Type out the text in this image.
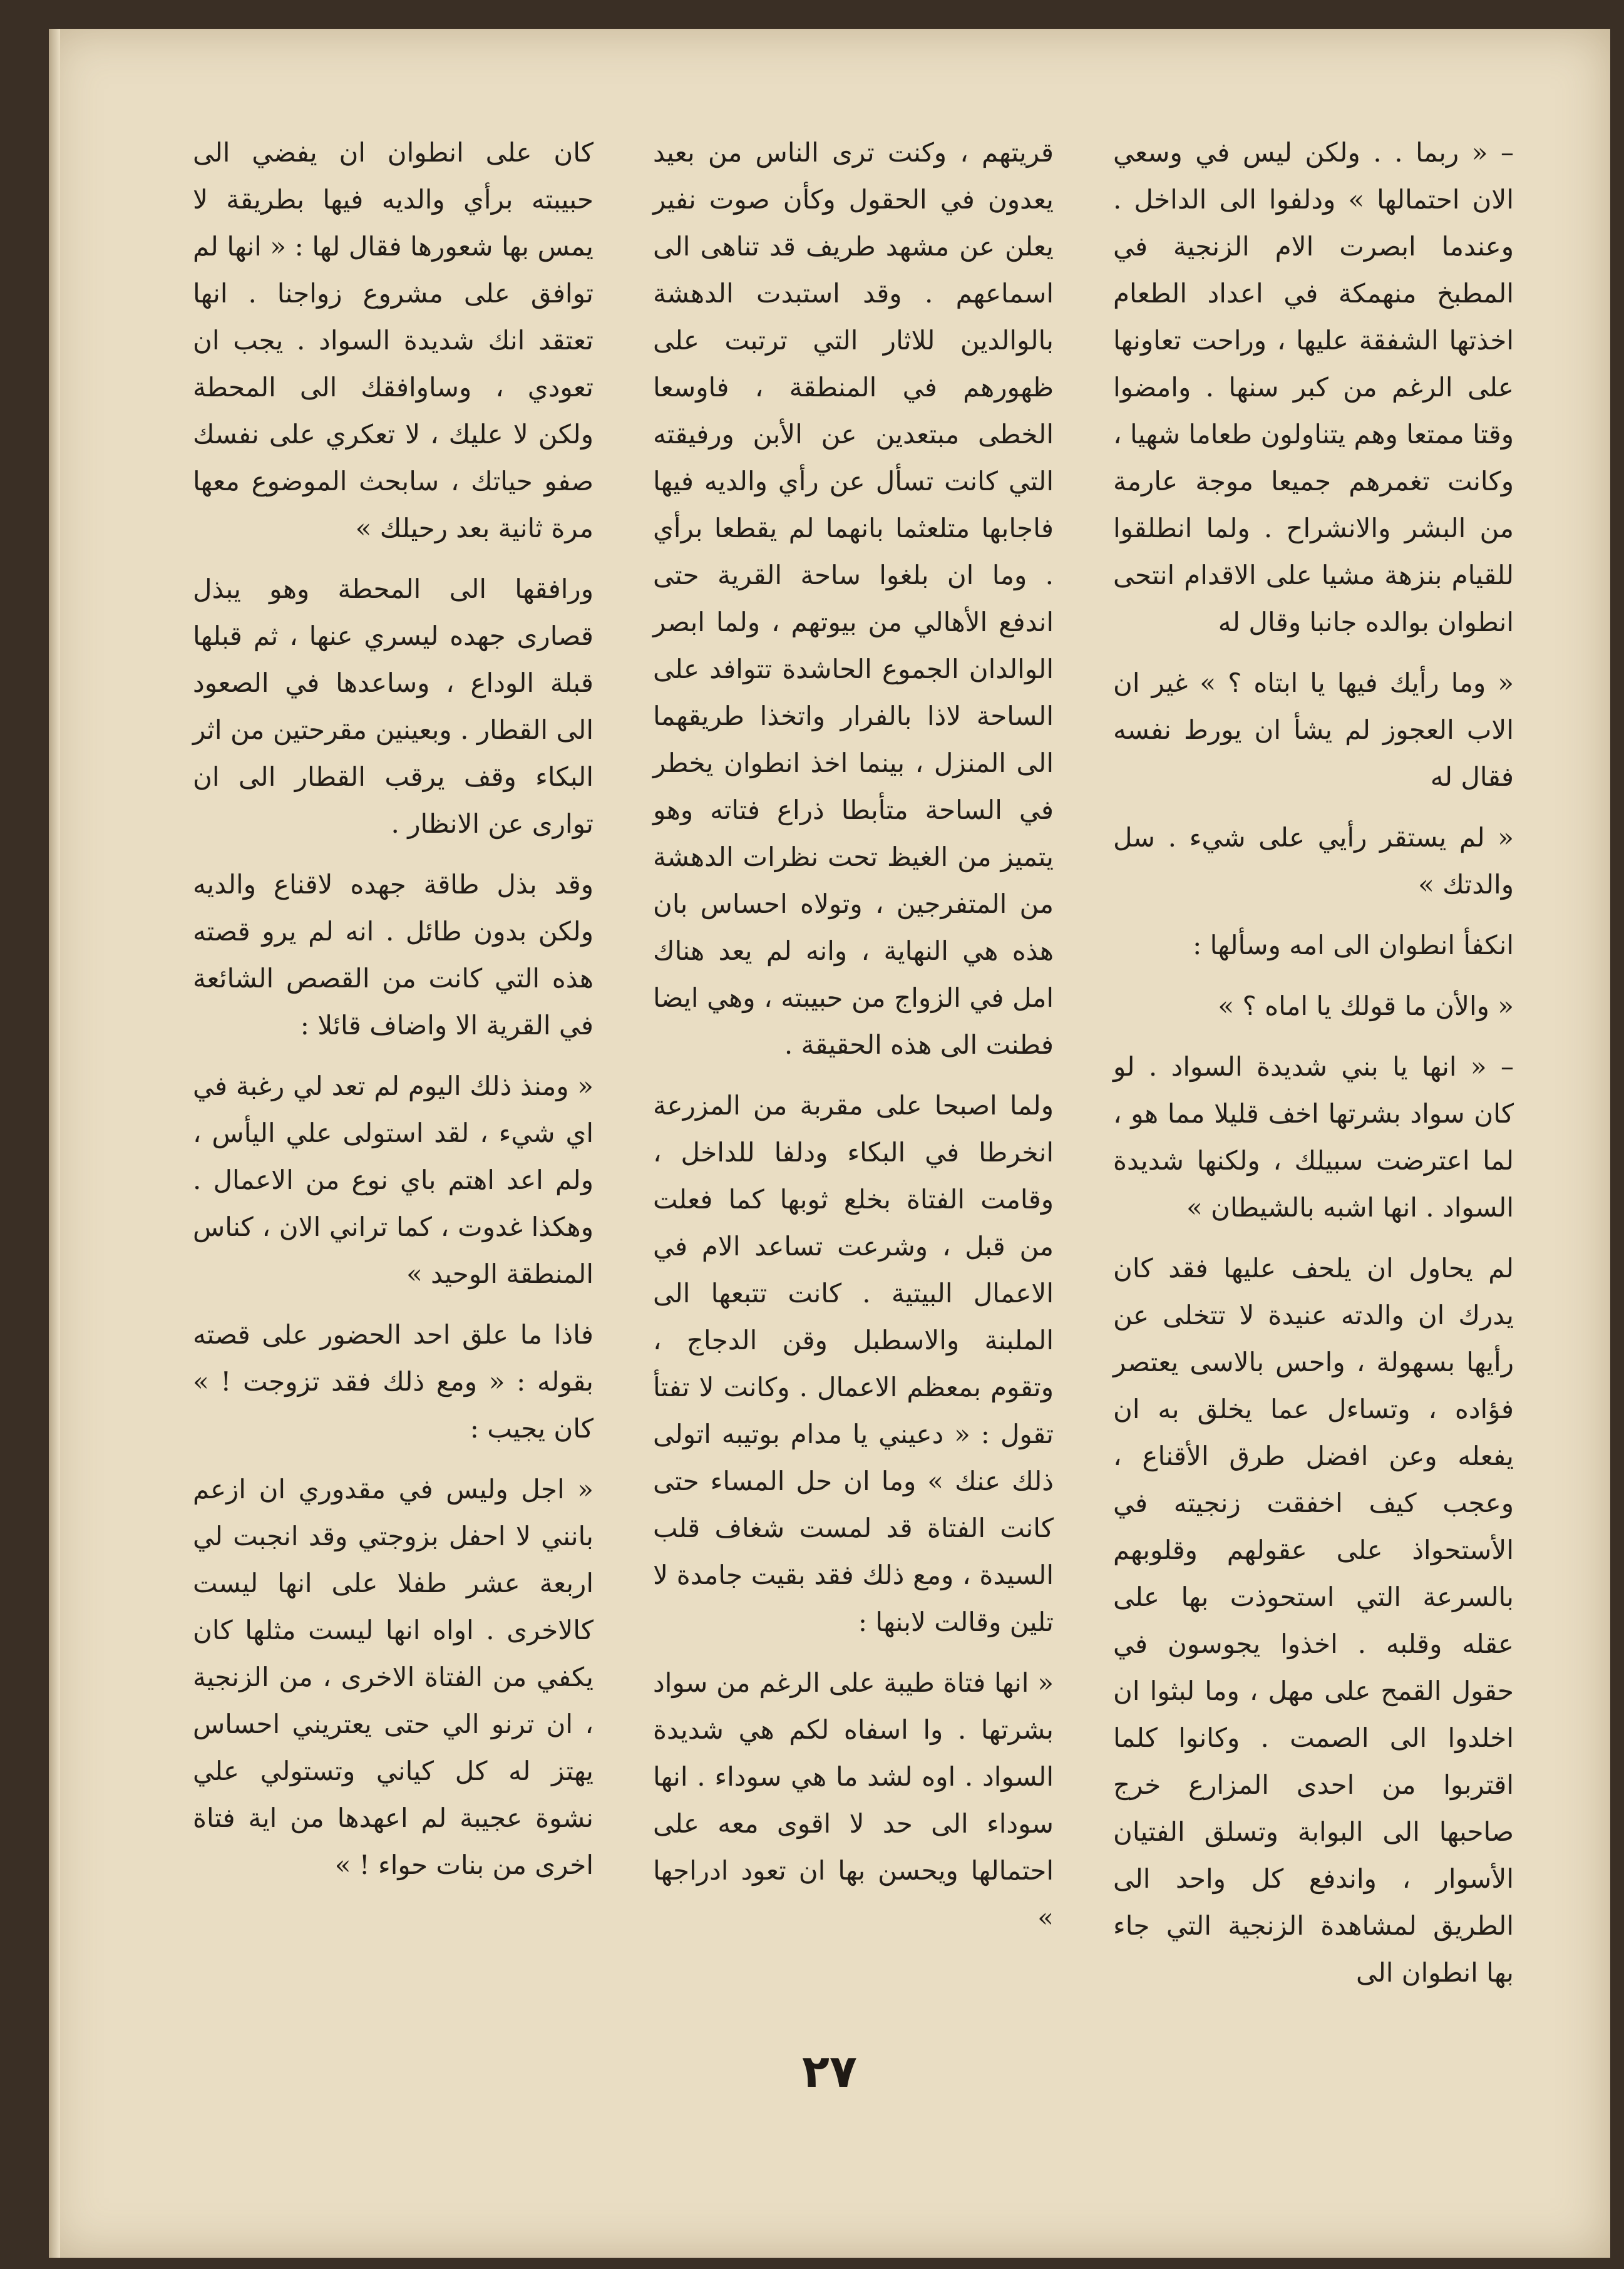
– « ربما . . ولكن ليس في وسعي الان احتمالها » ودلفوا الى الداخل . وعندما ابصرت الام الزنجية في المطبخ منهمكة في اعداد الطعام اخذتها الشفقة عليها ، وراحت تعاونها على الرغم من كبر سنها . وامضوا وقتا ممتعا وهم يتناولون طعاما شهيا ، وكانت تغمرهم جميعا موجة عارمة من البشر والانشراح . ولما انطلقوا للقيام بنزهة مشيا على الاقدام انتحى انطوان بوالده جانبا وقال له

« وما رأيك فيها يا ابتاه ؟ » غير ان الاب العجوز لم يشأ ان يورط نفسه فقال له

« لم يستقر رأيي على شيء . سل والدتك »

انكفأ انطوان الى امه وسألها :

« والأن ما قولك يا اماه ؟ »

– « انها يا بني شديدة السواد . لو كان سواد بشرتها اخف قليلا مما هو ، لما اعترضت سبيلك ، ولكنها شديدة السواد . انها اشبه بالشيطان »

لم يحاول ان يلحف عليها فقد كان يدرك ان والدته عنيدة لا تتخلى عن رأيها بسهولة ، واحس بالاسى يعتصر فؤاده ، وتساءل عما يخلق به ان يفعله وعن افضل طرق الأقناع ، وعجب كيف اخفقت زنجيته في الأستحواذ على عقولهم وقلوبهم بالسرعة التي استحوذت بها على عقله وقلبه . اخذوا يجوسون في حقول القمح على مهل ، وما لبثوا ان اخلدوا الى الصمت . وكانوا كلما اقتربوا من احدى المزارع خرج صاحبها الى البوابة وتسلق الفتيان الأسوار ، واندفع كل واحد الى الطريق لمشاهدة الزنجية التي جاء بها انطوان الى

قريتهم ، وكنت ترى الناس من بعيد يعدون في الحقول وكأن صوت نفير يعلن عن مشهد طريف قد تناهى الى اسماعهم . وقد استبدت الدهشة بالوالدين للاثار التي ترتبت على ظهورهم في المنطقة ، فاوسعا الخطى مبتعدين عن الأبن ورفيقته التي كانت تسأل عن رأي والديه فيها فاجابها متلعثما بانهما لم يقطعا برأي . وما ان بلغوا ساحة القرية حتى اندفع الأهالي من بيوتهم ، ولما ابصر الوالدان الجموع الحاشدة تتوافد على الساحة لاذا بالفرار واتخذا طريقهما الى المنزل ، بينما اخذ انطوان يخطر في الساحة متأبطا ذراع فتاته وهو يتميز من الغيظ تحت نظرات الدهشة من المتفرجين ، وتولاه احساس بان هذه هي النهاية ، وانه لم يعد هناك امل في الزواج من حبيبته ، وهي ايضا فطنت الى هذه الحقيقة .

ولما اصبحا على مقربة من المزرعة انخرطا في البكاء ودلفا للداخل ، وقامت الفتاة بخلع ثوبها كما فعلت من قبل ، وشرعت تساعد الام في الاعمال البيتية . كانت تتبعها الى الملبنة والاسطبل وقن الدجاج ، وتقوم بمعظم الاعمال . وكانت لا تفتأ تقول : « دعيني يا مدام بوتيبه اتولى ذلك عنك » وما ان حل المساء حتى كانت الفتاة قد لمست شغاف قلب السيدة ، ومع ذلك فقد بقيت جامدة لا تلين وقالت لابنها :

« انها فتاة طيبة على الرغم من سواد بشرتها . وا اسفاه لكم هي شديدة السواد . اوه لشد ما هي سوداء . انها سوداء الى حد لا اقوى معه على احتمالها ويحسن بها ان تعود ادراجها »

كان على انطوان ان يفضي الى حبيبته برأي والديه فيها بطريقة لا يمس بها شعورها فقال لها : « انها لم توافق على مشروع زواجنا . انها تعتقد انك شديدة السواد . يجب ان تعودي ، وساوافقك الى المحطة ولكن لا عليك ، لا تعكري على نفسك صفو حياتك ، سابحث الموضوع معها مرة ثانية بعد رحيلك »

ورافقها الى المحطة وهو يبذل قصارى جهده ليسري عنها ، ثم قبلها قبلة الوداع ، وساعدها في الصعود الى القطار . وبعينين مقرحتين من اثر البكاء وقف يرقب القطار الى ان توارى عن الانظار .

وقد بذل طاقة جهده لاقناع والديه ولكن بدون طائل . انه لم يرو قصته هذه التي كانت من القصص الشائعة في القرية الا واضاف قائلا :

« ومنذ ذلك اليوم لم تعد لي رغبة في اي شيء ، لقد استولى علي اليأس ، ولم اعد اهتم باي نوع من الاعمال . وهكذا غدوت ، كما تراني الان ، كناس المنطقة الوحيد »

فاذا ما علق احد الحضور على قصته بقوله : « ومع ذلك فقد تزوجت ! » كان يجيب :

« اجل وليس في مقدوري ان ازعم بانني لا احفل بزوجتي وقد انجبت لي اربعة عشر طفلا على انها ليست كالاخرى . اواه انها ليست مثلها كان يكفي من الفتاة الاخرى ، من الزنجية ، ان ترنو الي حتى يعتريني احساس يهتز له كل كياني وتستولي علي نشوة عجيبة لم اعهدها من اية فتاة اخرى من بنات حواء ! »

٢٧
